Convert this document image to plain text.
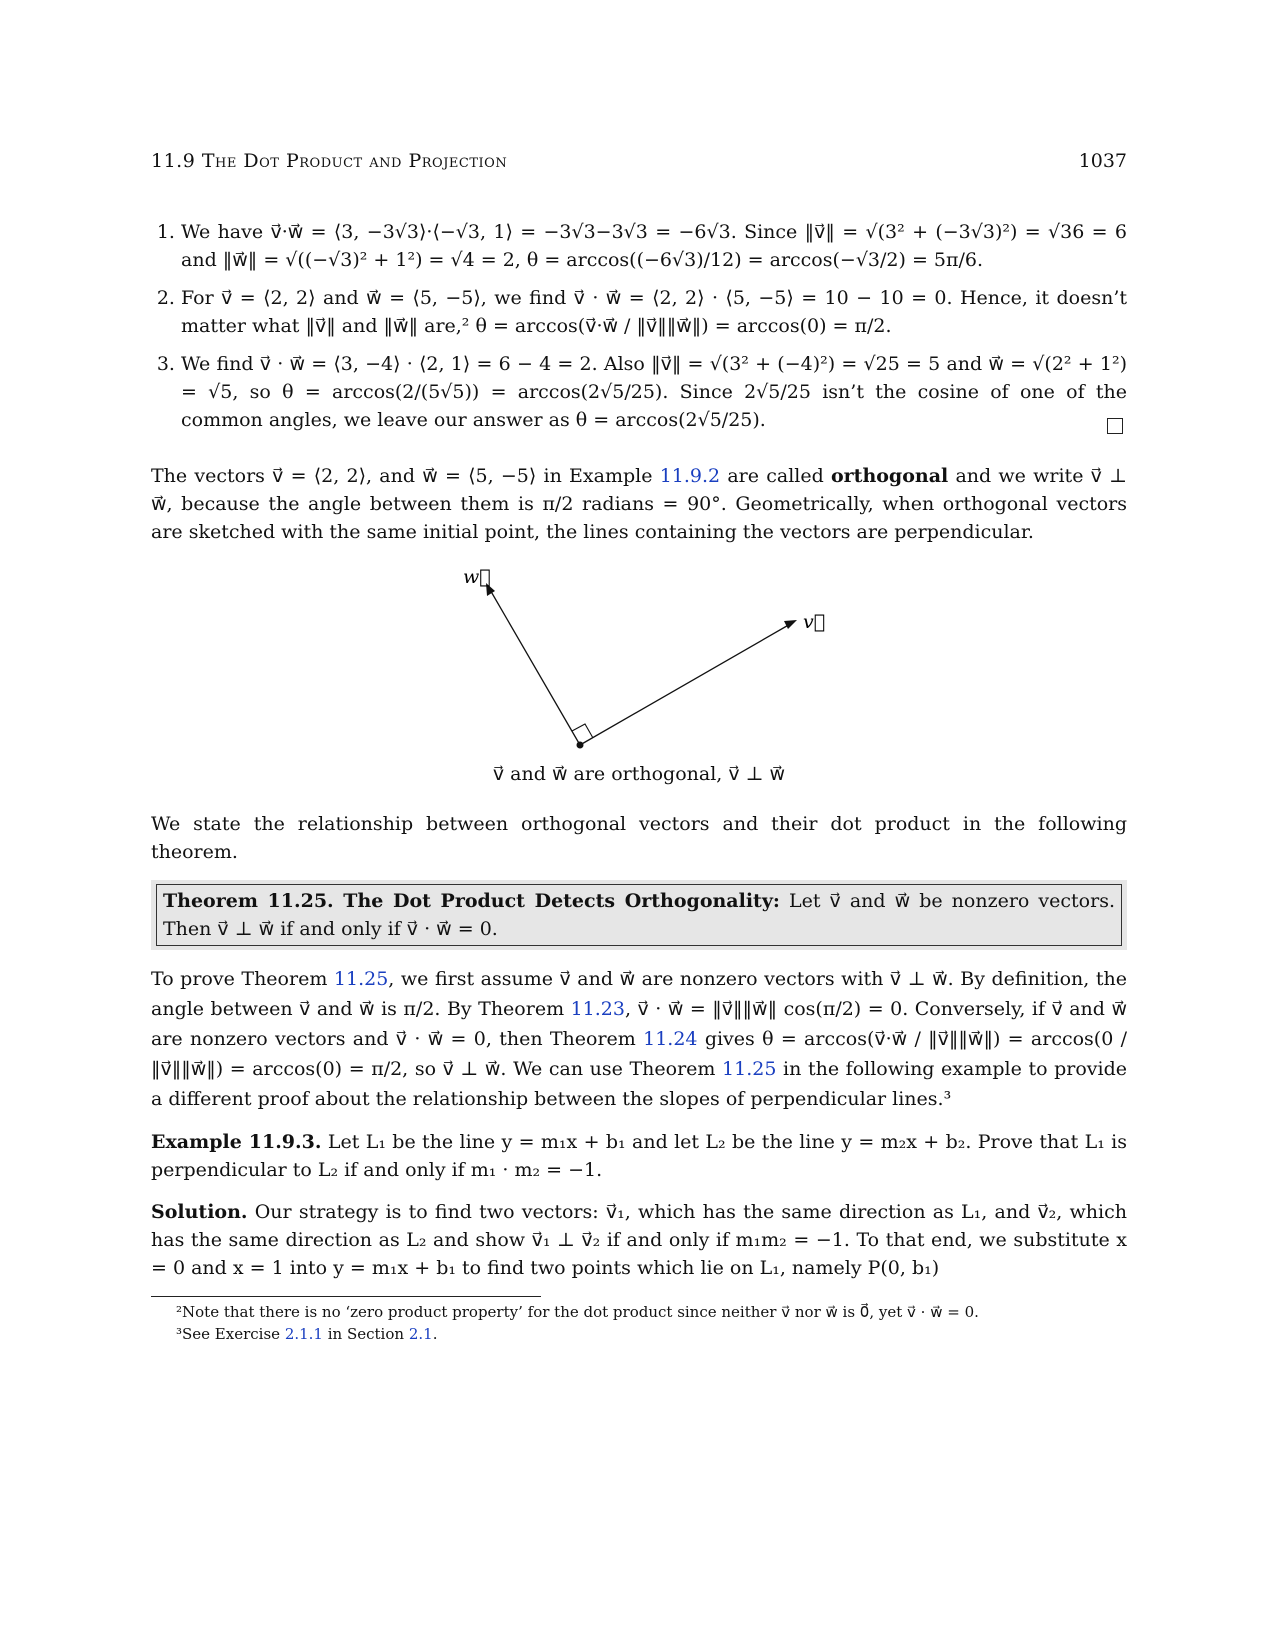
11.9 The Dot Product and Projection	1037
1. We have v⃗·w⃗ = ⟨3, −3√3⟩·⟨−√3, 1⟩ = −3√3−3√3 = −6√3. Since ‖v⃗‖ = √(3² + (−3√3)²) = √36 = 6 and ‖w⃗‖ = √((−√3)² + 1²) = √4 = 2, θ = arccos((−6√3)/12) = arccos(−√3/2) = 5π/6.
2. For v⃗ = ⟨2, 2⟩ and w⃗ = ⟨5, −5⟩, we find v⃗ · w⃗ = ⟨2, 2⟩ · ⟨5, −5⟩ = 10 − 10 = 0. Hence, it doesn’t matter what ‖v⃗‖ and ‖w⃗‖ are,² θ = arccos(v⃗·w⃗ / ‖v⃗‖‖w⃗‖) = arccos(0) = π/2.
3. We find v⃗ · w⃗ = ⟨3, −4⟩ · ⟨2, 1⟩ = 6 − 4 = 2. Also ‖v⃗‖ = √(3² + (−4)²) = √25 = 5 and w⃗ = √(2² + 1²) = √5, so θ = arccos(2/(5√5)) = arccos(2√5/25). Since 2√5/25 isn’t the cosine of one of the common angles, we leave our answer as θ = arccos(2√5/25).
The vectors v⃗ = ⟨2, 2⟩, and w⃗ = ⟨5, −5⟩ in Example 11.9.2 are called orthogonal and we write v⃗ ⊥ w⃗, because the angle between them is π/2 radians = 90°. Geometrically, when orthogonal vectors are sketched with the same initial point, the lines containing the vectors are perpendicular.
w⃗
v⃗
v⃗ and w⃗ are orthogonal, v⃗ ⊥ w⃗
We state the relationship between orthogonal vectors and their dot product in the following theorem.
Theorem 11.25. The Dot Product Detects Orthogonality: Let v⃗ and w⃗ be nonzero vectors. Then v⃗ ⊥ w⃗ if and only if v⃗ · w⃗ = 0.
To prove Theorem 11.25, we first assume v⃗ and w⃗ are nonzero vectors with v⃗ ⊥ w⃗. By definition, the angle between v⃗ and w⃗ is π/2. By Theorem 11.23, v⃗ · w⃗ = ‖v⃗‖‖w⃗‖ cos(π/2) = 0. Conversely, if v⃗ and w⃗ are nonzero vectors and v⃗ · w⃗ = 0, then Theorem 11.24 gives θ = arccos(v⃗·w⃗ / ‖v⃗‖‖w⃗‖) = arccos(0 / ‖v⃗‖‖w⃗‖) = arccos(0) = π/2, so v⃗ ⊥ w⃗. We can use Theorem 11.25 in the following example to provide a different proof about the relationship between the slopes of perpendicular lines.³
Example 11.9.3. Let L₁ be the line y = m₁x + b₁ and let L₂ be the line y = m₂x + b₂. Prove that L₁ is perpendicular to L₂ if and only if m₁ · m₂ = −1.
Solution. Our strategy is to find two vectors: v⃗₁, which has the same direction as L₁, and v⃗₂, which has the same direction as L₂ and show v⃗₁ ⊥ v⃗₂ if and only if m₁m₂ = −1. To that end, we substitute x = 0 and x = 1 into y = m₁x + b₁ to find two points which lie on L₁, namely P(0, b₁)
²Note that there is no ‘zero product property’ for the dot product since neither v⃗ nor w⃗ is 0⃗, yet v⃗ · w⃗ = 0.
³See Exercise 2.1.1 in Section 2.1.
